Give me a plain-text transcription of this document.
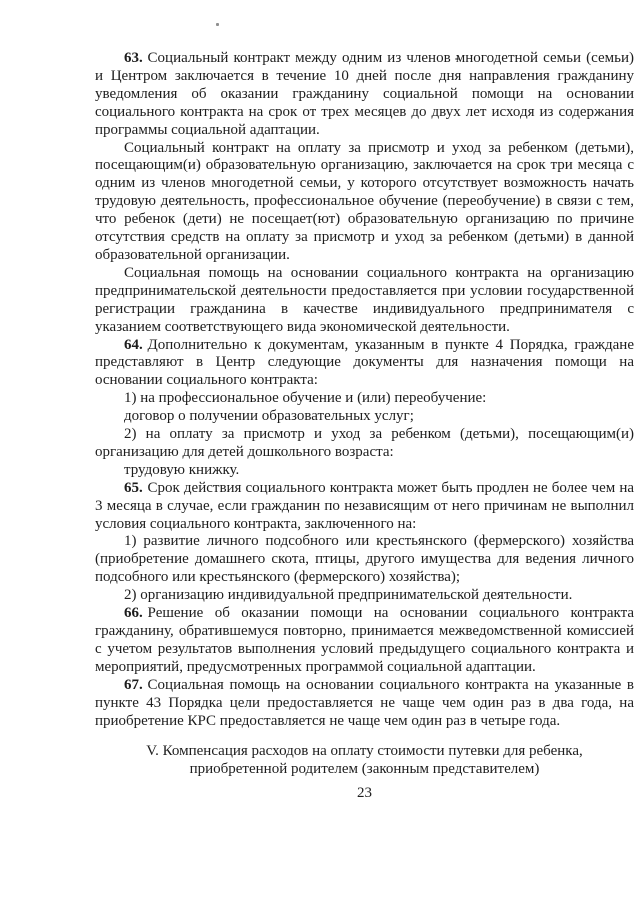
63. Социальный контракт между одним из членов многодетной семьи (семьи) и Центром заключается в течение 10 дней после дня направления гражданину уведомления об оказании гражданину социальной помощи на основании социального контракта на срок от трех месяцев до двух лет исходя из содержания программы социальной адаптации.

Социальный контракт на оплату за присмотр и уход за ребенком (детьми), посещающим(и) образовательную организацию, заключается на срок три месяца с одним из членов многодетной семьи, у которого отсутствует возможность начать трудовую деятельность, профессиональное обучение (переобучение) в связи с тем, что ребенок (дети) не посещает(ют) образовательную организацию по причине отсутствия средств на оплату за присмотр и уход за ребенком (детьми) в данной образовательной организации.

Социальная помощь на основании социального контракта на организацию предпринимательской деятельности предоставляется при условии государственной регистрации гражданина в качестве индивидуального предпринимателя с указанием соответствующего вида экономической деятельности.

64. Дополнительно к документам, указанным в пункте 4 Порядка, граждане представляют в Центр следующие документы для назначения помощи на основании социального контракта:

1) на профессиональное обучение и (или) переобучение:

договор о получении образовательных услуг;

2) на оплату за присмотр и уход за ребенком (детьми), посещающим(и) организацию для детей дошкольного возраста:

трудовую книжку.

65. Срок действия социального контракта может быть продлен не более чем на 3 месяца в случае, если гражданин по независящим от него причинам не выполнил условия социального контракта, заключенного на:

1) развитие личного подсобного или крестьянского (фермерского) хозяйства (приобретение домашнего скота, птицы, другого имущества для ведения личного подсобного или крестьянского (фермерского) хозяйства);

2) организацию индивидуальной предпринимательской деятельности.

66. Решение об оказании помощи на основании социального контракта гражданину, обратившемуся повторно, принимается межведомственной комиссией с учетом результатов выполнения условий предыдущего социального контракта и мероприятий, предусмотренных программой социальной адаптации.

67. Социальная помощь на основании социального контракта на указанные в пункте 43 Порядка цели предоставляется не чаще чем один раз в два года, на приобретение КРС предоставляется не чаще чем один раз в четыре года.

V. Компенсация расходов на оплату стоимости путевки для ребенка,
приобретенной родителем (законным представителем)
23
